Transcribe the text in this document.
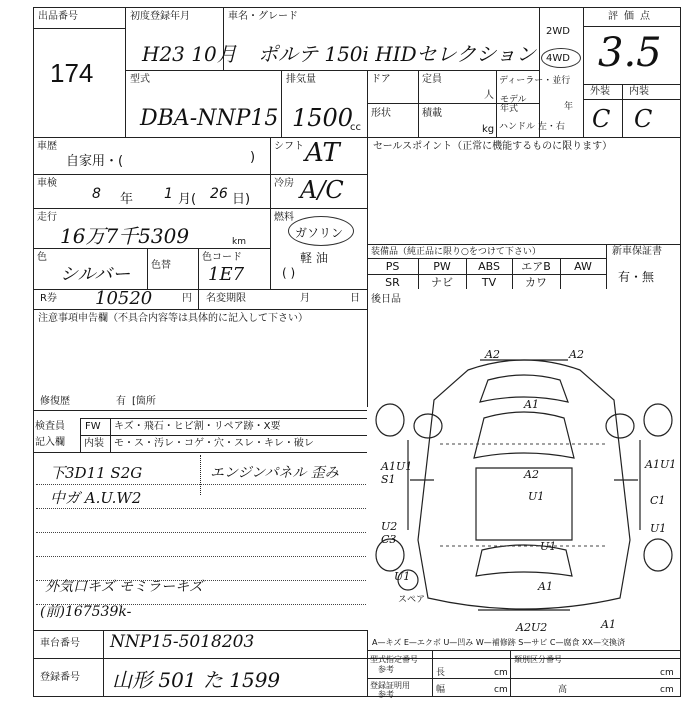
出品番号
174
初度登録年月
H23 10月
車名・グレード
ポルテ 150i HIDセレクション
2WD
4WD
評価点
3.5
外装 内装
C C
型式
DBA-NNP15
排気量
1500
cc
ドア	定員
人
ディーラー・並行
モデル年式	年
ハンドル 左・右
形状	積載
kg
車歴
自家用・(	)
シフト AT	セールスポイント（正常に機能するものに限ります）
車検
8 年 1 月( 26 日)
冷房 A/C
走行
16万7千5309	km
燃料
ガソリン
軽 油
( )
色
シルバー 色替
色コード
1E7
装備品（純正品に限り○をつけて下さい）	新車保証書
有・無
PS	PW	ABS	エアB	AW
SR	ナビ	TV	カワ
R券 10520	円 名変期限	月	日 後日品
注意事項申告欄（不具合内容等は具体的に記入して下さい）
修復歴	有 [箇所
検査員
記入欄
FW キズ・飛石・ヒビ割・リペア跡・X要
内装 モ・ス・汚レ・コゲ・穴・スレ・キレ・破レ
下3D11 S2G
中ガ A.U.W2
エンジンパネル 歪み
外気口キズ モミラーキズ
(前)167539k-
A2	A2
A1
A2
U1
A1U1
U1
U1
A1U1 S1
U2 C3
C1
U1
A1
A2U2	A1
スペア
車台番号 NNP15-5018203
登録番号 山形 501 た 1599
A—キズ E—エクボ U—凹み W—補修跡 S—サビ C—腐食 XX—交換済
型式指定番号
参考
類別区分番号
登録証明用
参考
長
幅	高
cm
cm
cm
cm
